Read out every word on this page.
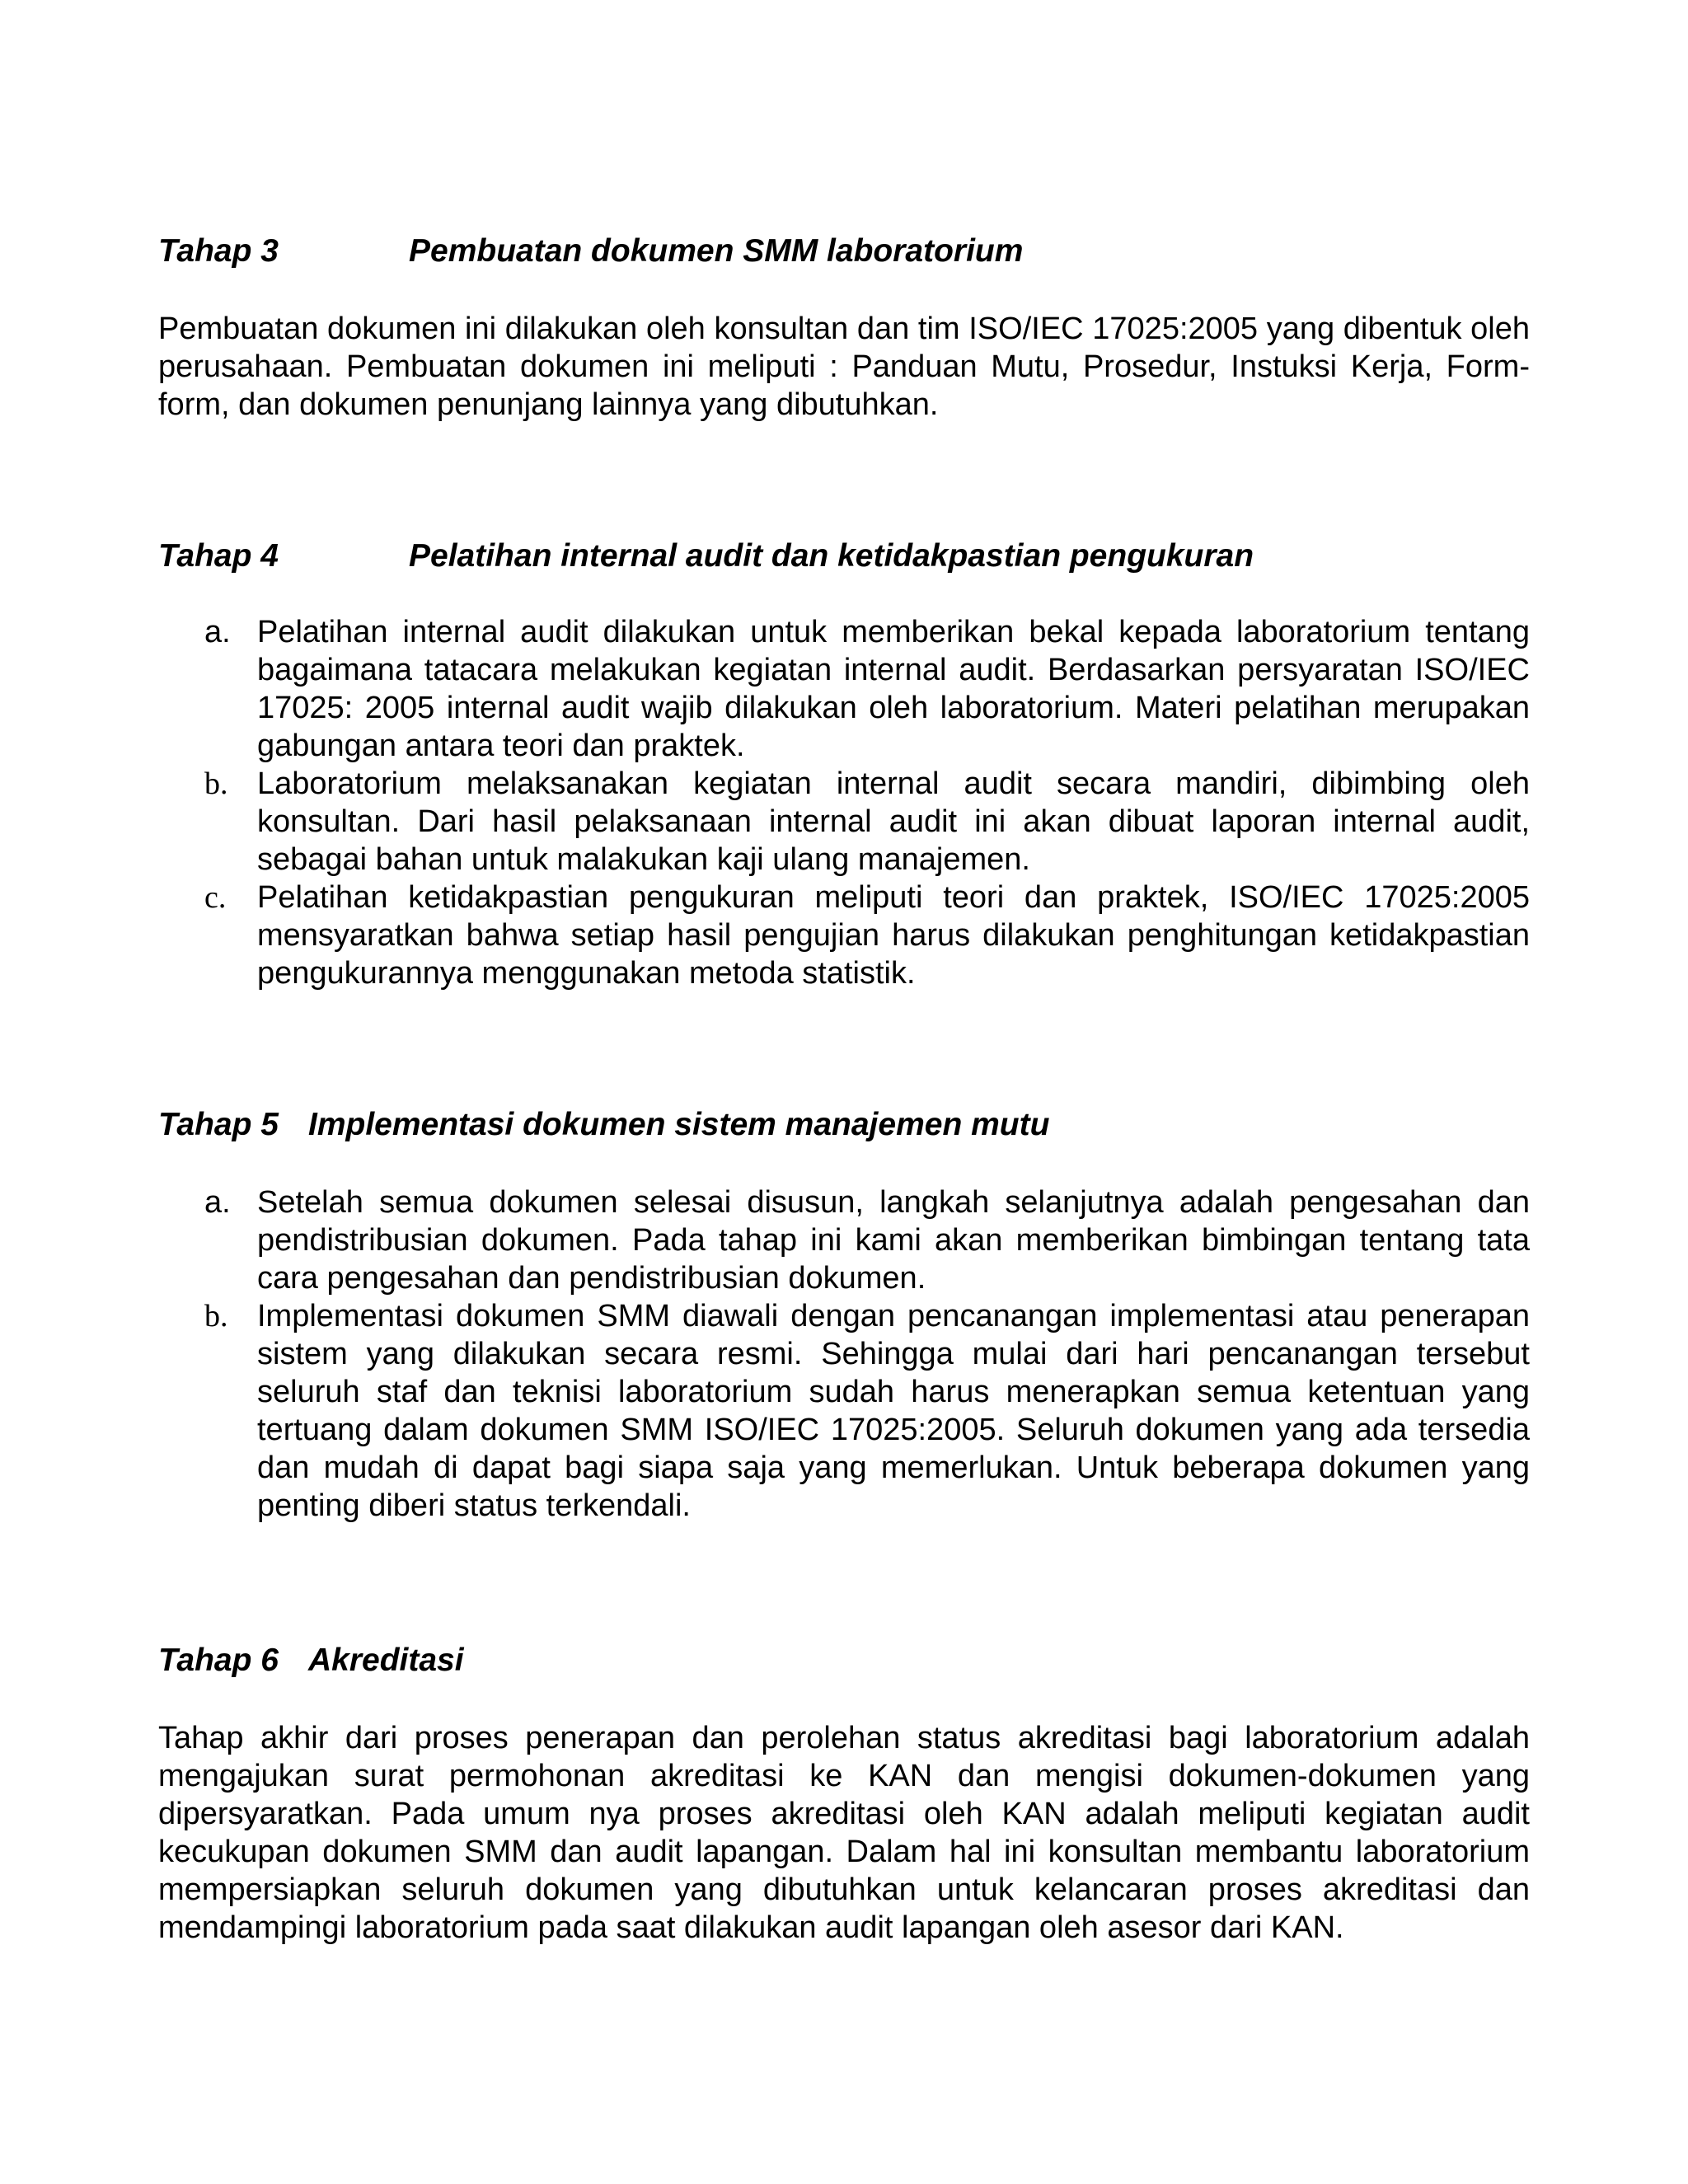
Tahap 3	Pembuatan dokumen SMM laboratorium
Pembuatan dokumen ini dilakukan oleh konsultan dan tim ISO/IEC 17025:2005 yang dibentuk oleh perusahaan. Pembuatan dokumen ini meliputi : Panduan Mutu, Prosedur, Instuksi Kerja, Form-form, dan dokumen penunjang lainnya yang dibutuhkan.
Tahap 4	Pelatihan internal audit dan ketidakpastian pengukuran
a. Pelatihan internal audit dilakukan untuk memberikan bekal kepada laboratorium tentang bagaimana tatacara melakukan kegiatan internal audit. Berdasarkan persyaratan ISO/IEC 17025: 2005 internal audit wajib dilakukan oleh laboratorium. Materi pelatihan merupakan gabungan antara teori dan praktek.
b. Laboratorium melaksanakan kegiatan internal audit secara mandiri, dibimbing oleh konsultan. Dari hasil pelaksanaan internal audit ini akan dibuat laporan internal audit, sebagai bahan untuk malakukan kaji ulang manajemen.
c. Pelatihan ketidakpastian pengukuran meliputi teori dan praktek, ISO/IEC 17025:2005 mensyaratkan bahwa setiap hasil pengujian harus dilakukan penghitungan ketidakpastian pengukurannya menggunakan metoda statistik.
Tahap 5 Implementasi dokumen sistem manajemen mutu
a. Setelah semua dokumen selesai disusun, langkah selanjutnya adalah pengesahan dan pendistribusian dokumen. Pada tahap ini kami akan memberikan bimbingan tentang tata cara pengesahan dan pendistribusian dokumen.
b. Implementasi dokumen SMM diawali dengan pencanangan implementasi atau penerapan sistem yang dilakukan secara resmi. Sehingga mulai dari hari pencanangan tersebut seluruh staf dan teknisi laboratorium sudah harus menerapkan semua ketentuan yang tertuang dalam dokumen SMM ISO/IEC 17025:2005. Seluruh dokumen yang ada tersedia dan mudah di dapat bagi siapa saja yang memerlukan. Untuk beberapa dokumen yang penting diberi status terkendali.
Tahap 6 Akreditasi
Tahap akhir dari proses penerapan dan perolehan status akreditasi bagi laboratorium adalah mengajukan surat permohonan akreditasi ke KAN dan mengisi dokumen-dokumen yang dipersyaratkan. Pada umum nya proses akreditasi oleh KAN adalah meliputi kegiatan audit kecukupan dokumen SMM dan audit lapangan. Dalam hal ini konsultan membantu laboratorium mempersiapkan seluruh dokumen yang dibutuhkan untuk kelancaran proses akreditasi dan mendampingi laboratorium pada saat dilakukan audit lapangan oleh asesor dari KAN.
